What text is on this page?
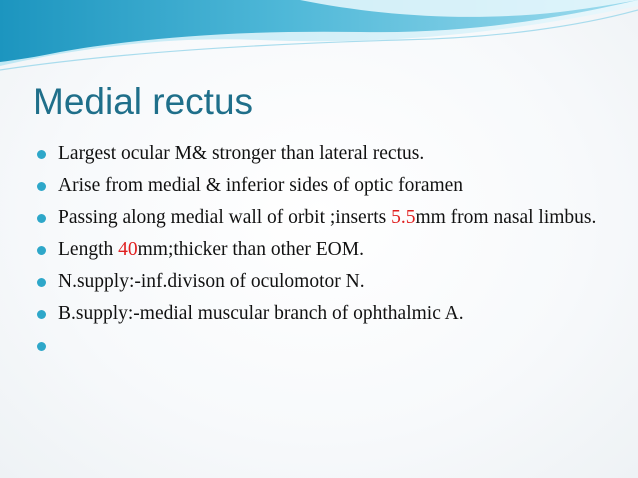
Medial rectus
Largest ocular M& stronger than lateral rectus.
Arise from medial & inferior sides of optic foramen
Passing along medial wall of orbit ;inserts 5.5mm from nasal limbus.
Length 40mm;thicker than other EOM.
N.supply:-inf.divison of oculomotor N.
B.supply:-medial muscular branch of ophthalmic A.
